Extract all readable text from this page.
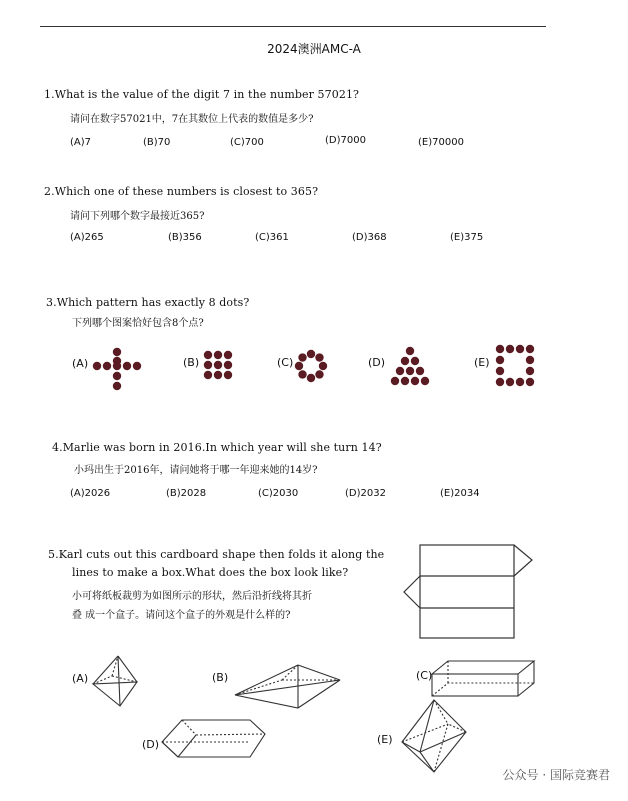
2024澳洲AMC-A
1.What is the value of the digit 7 in the number 57021?
请问在数字57021中，7在其数位上代表的数值是多少?
(A)7	(B)70	(C)700	(D)7000	(E)70000
2.Which one of these numbers is closest to 365?
请问下列哪个数字最接近365?
(A)265	(B)356	(C)361	(D)368	(E)375
3.Which pattern has exactly 8 dots?
下列哪个图案恰好包含8个点?
(A)	(B)	(C)	(D)	(E)
4.Marlie was born in 2016.In which year will she turn 14?
小玛出生于2016年，请问她将于哪一年迎来她的14岁?
(A)2026	(B)2028	(C)2030	(D)2032	(E)2034
5.Karl cuts out this cardboard shape then folds it along the
lines to make a box.What does the box look like?
小可将纸板裁剪为如图所示的形状，然后沿折线将其折
叠 成一个盒子。请问这个盒子的外观是什么样的?
(A)	(B)	(C)
(D)	(E)
公众号 · 国际竞赛君
